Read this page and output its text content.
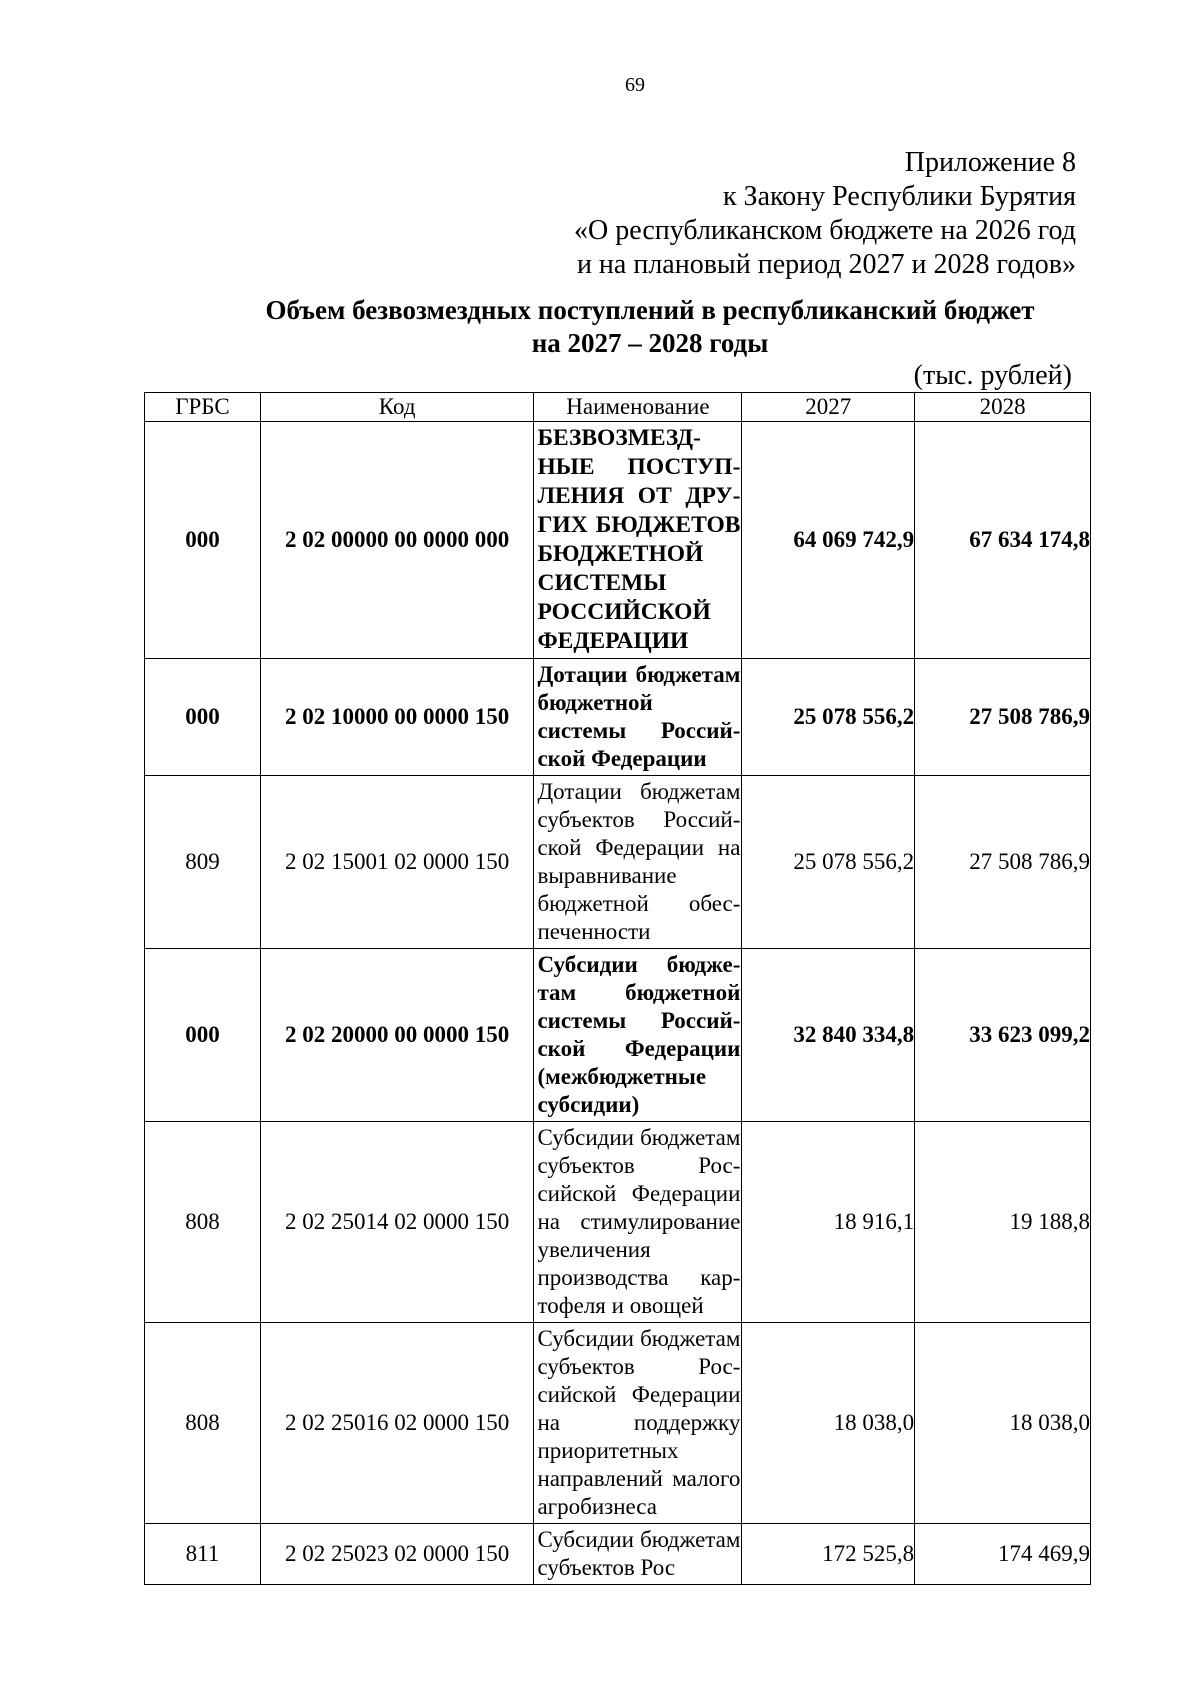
69
Приложение 8
к Закону Республики Бурятия
«О республиканском бюджете на 2026 год
и на плановый период 2027 и 2028 годов»
Объем безвозмездных поступлений в республиканский бюджет
на 2027 – 2028 годы
(тыс. рублей)
ГРБС	Код	Наименование	2027	2028
000	2 02 00000 00 0000 000	БЕЗВОЗМЕЗДНЫЕ ПОСТУПЛЕНИЯ ОТ ДРУГИХ БЮДЖЕТОВ БЮДЖЕТНОЙ СИСТЕМЫ РОССИЙСКОЙ ФЕДЕРАЦИИ	64 069 742,9	67 634 174,8
000	2 02 10000 00 0000 150	Дотации бюджетам бюджетной системы Российской Федерации	25 078 556,2	27 508 786,9
809	2 02 15001 02 0000 150	Дотации бюджетам субъектов Российской Федерации на выравнивание бюджетной обеспеченности	25 078 556,2	27 508 786,9
000	2 02 20000 00 0000 150	Субсидии бюджетам бюджетной системы Российской Федерации (межбюджетные субсидии)	32 840 334,8	33 623 099,2
808	2 02 25014 02 0000 150	Субсидии бюджетам субъектов Российской Федерации на стимулирование увеличения производства картофеля и овощей	18 916,1	19 188,8
808	2 02 25016 02 0000 150	Субсидии бюджетам субъектов Российской Федерации на поддержку приоритетных направлений малого агробизнеса	18 038,0	18 038,0
811	2 02 25023 02 0000 150	Субсидии бюджетам субъектов Рос	172 525,8	174 469,9
